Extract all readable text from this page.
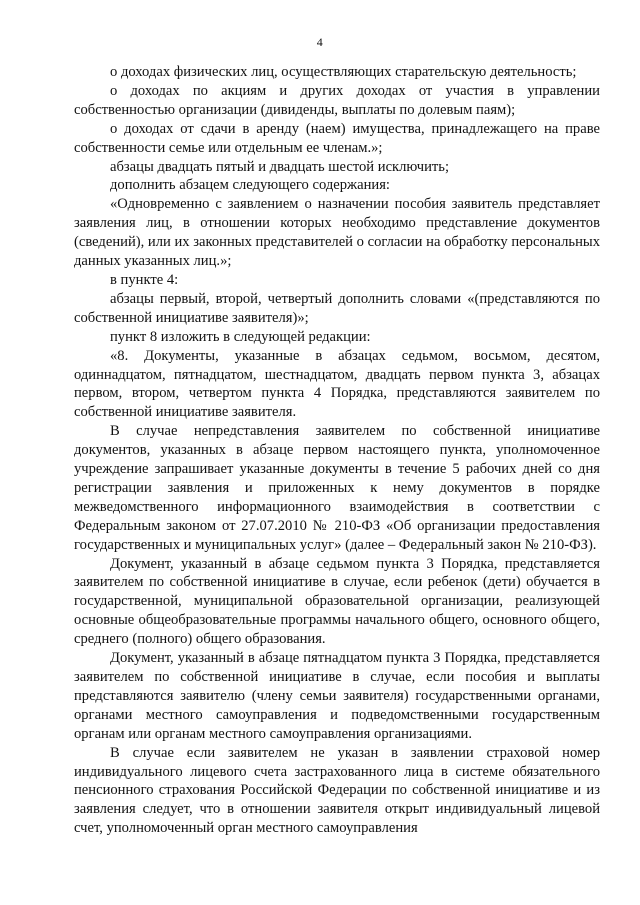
4

о доходах физических лиц, осуществляющих старательскую деятельность;

о доходах по акциям и других доходах от участия в управлении собственностью организации (дивиденды, выплаты по долевым паям);

о доходах от сдачи в аренду (наем) имущества, принадлежащего на праве собственности семье или отдельным ее членам.»;

абзацы двадцать пятый и двадцать шестой исключить;

дополнить абзацем следующего содержания:

«Одновременно с заявлением о назначении пособия заявитель представляет заявления лиц, в отношении которых необходимо представление документов (сведений), или их законных представителей о согласии на обработку персональных данных указанных лиц.»;

в пункте 4:

абзацы первый, второй, четвертый дополнить словами «(представляются по собственной инициативе заявителя)»;

пункт 8 изложить в следующей редакции:

«8. Документы, указанные в абзацах седьмом, восьмом, десятом, одиннадцатом, пятнадцатом, шестнадцатом, двадцать первом пункта 3, абзацах первом, втором, четвертом пункта 4 Порядка, представляются заявителем по собственной инициативе заявителя.

В случае непредставления заявителем по собственной инициативе документов, указанных в абзаце первом настоящего пункта, уполномоченное учреждение запрашивает указанные документы в течение 5 рабочих дней со дня регистрации заявления и приложенных к нему документов в порядке межведомственного информационного взаимодействия в соответствии с Федеральным законом от 27.07.2010 № 210-ФЗ «Об организации предоставления государственных и муниципальных услуг» (далее – Федеральный закон № 210-ФЗ).

Документ, указанный в абзаце седьмом пункта 3 Порядка, представляется заявителем по собственной инициативе в случае, если ребенок (дети) обучается в государственной, муниципальной образовательной организации, реализующей основные общеобразовательные программы начального общего, основного общего, среднего (полного) общего образования.

Документ, указанный в абзаце пятнадцатом пункта 3 Порядка, представляется заявителем по собственной инициативе в случае, если пособия и выплаты представляются заявителю (члену семьи заявителя) государственными органами, органами местного самоуправления и подведомственными государственным органам или органам местного самоуправления организациями.

В случае если заявителем не указан в заявлении страховой номер индивидуального лицевого счета застрахованного лица в системе обязательного пенсионного страхования Российской Федерации по собственной инициативе и из заявления следует, что в отношении заявителя открыт индивидуальный лицевой счет, уполномоченный орган местного самоуправления
